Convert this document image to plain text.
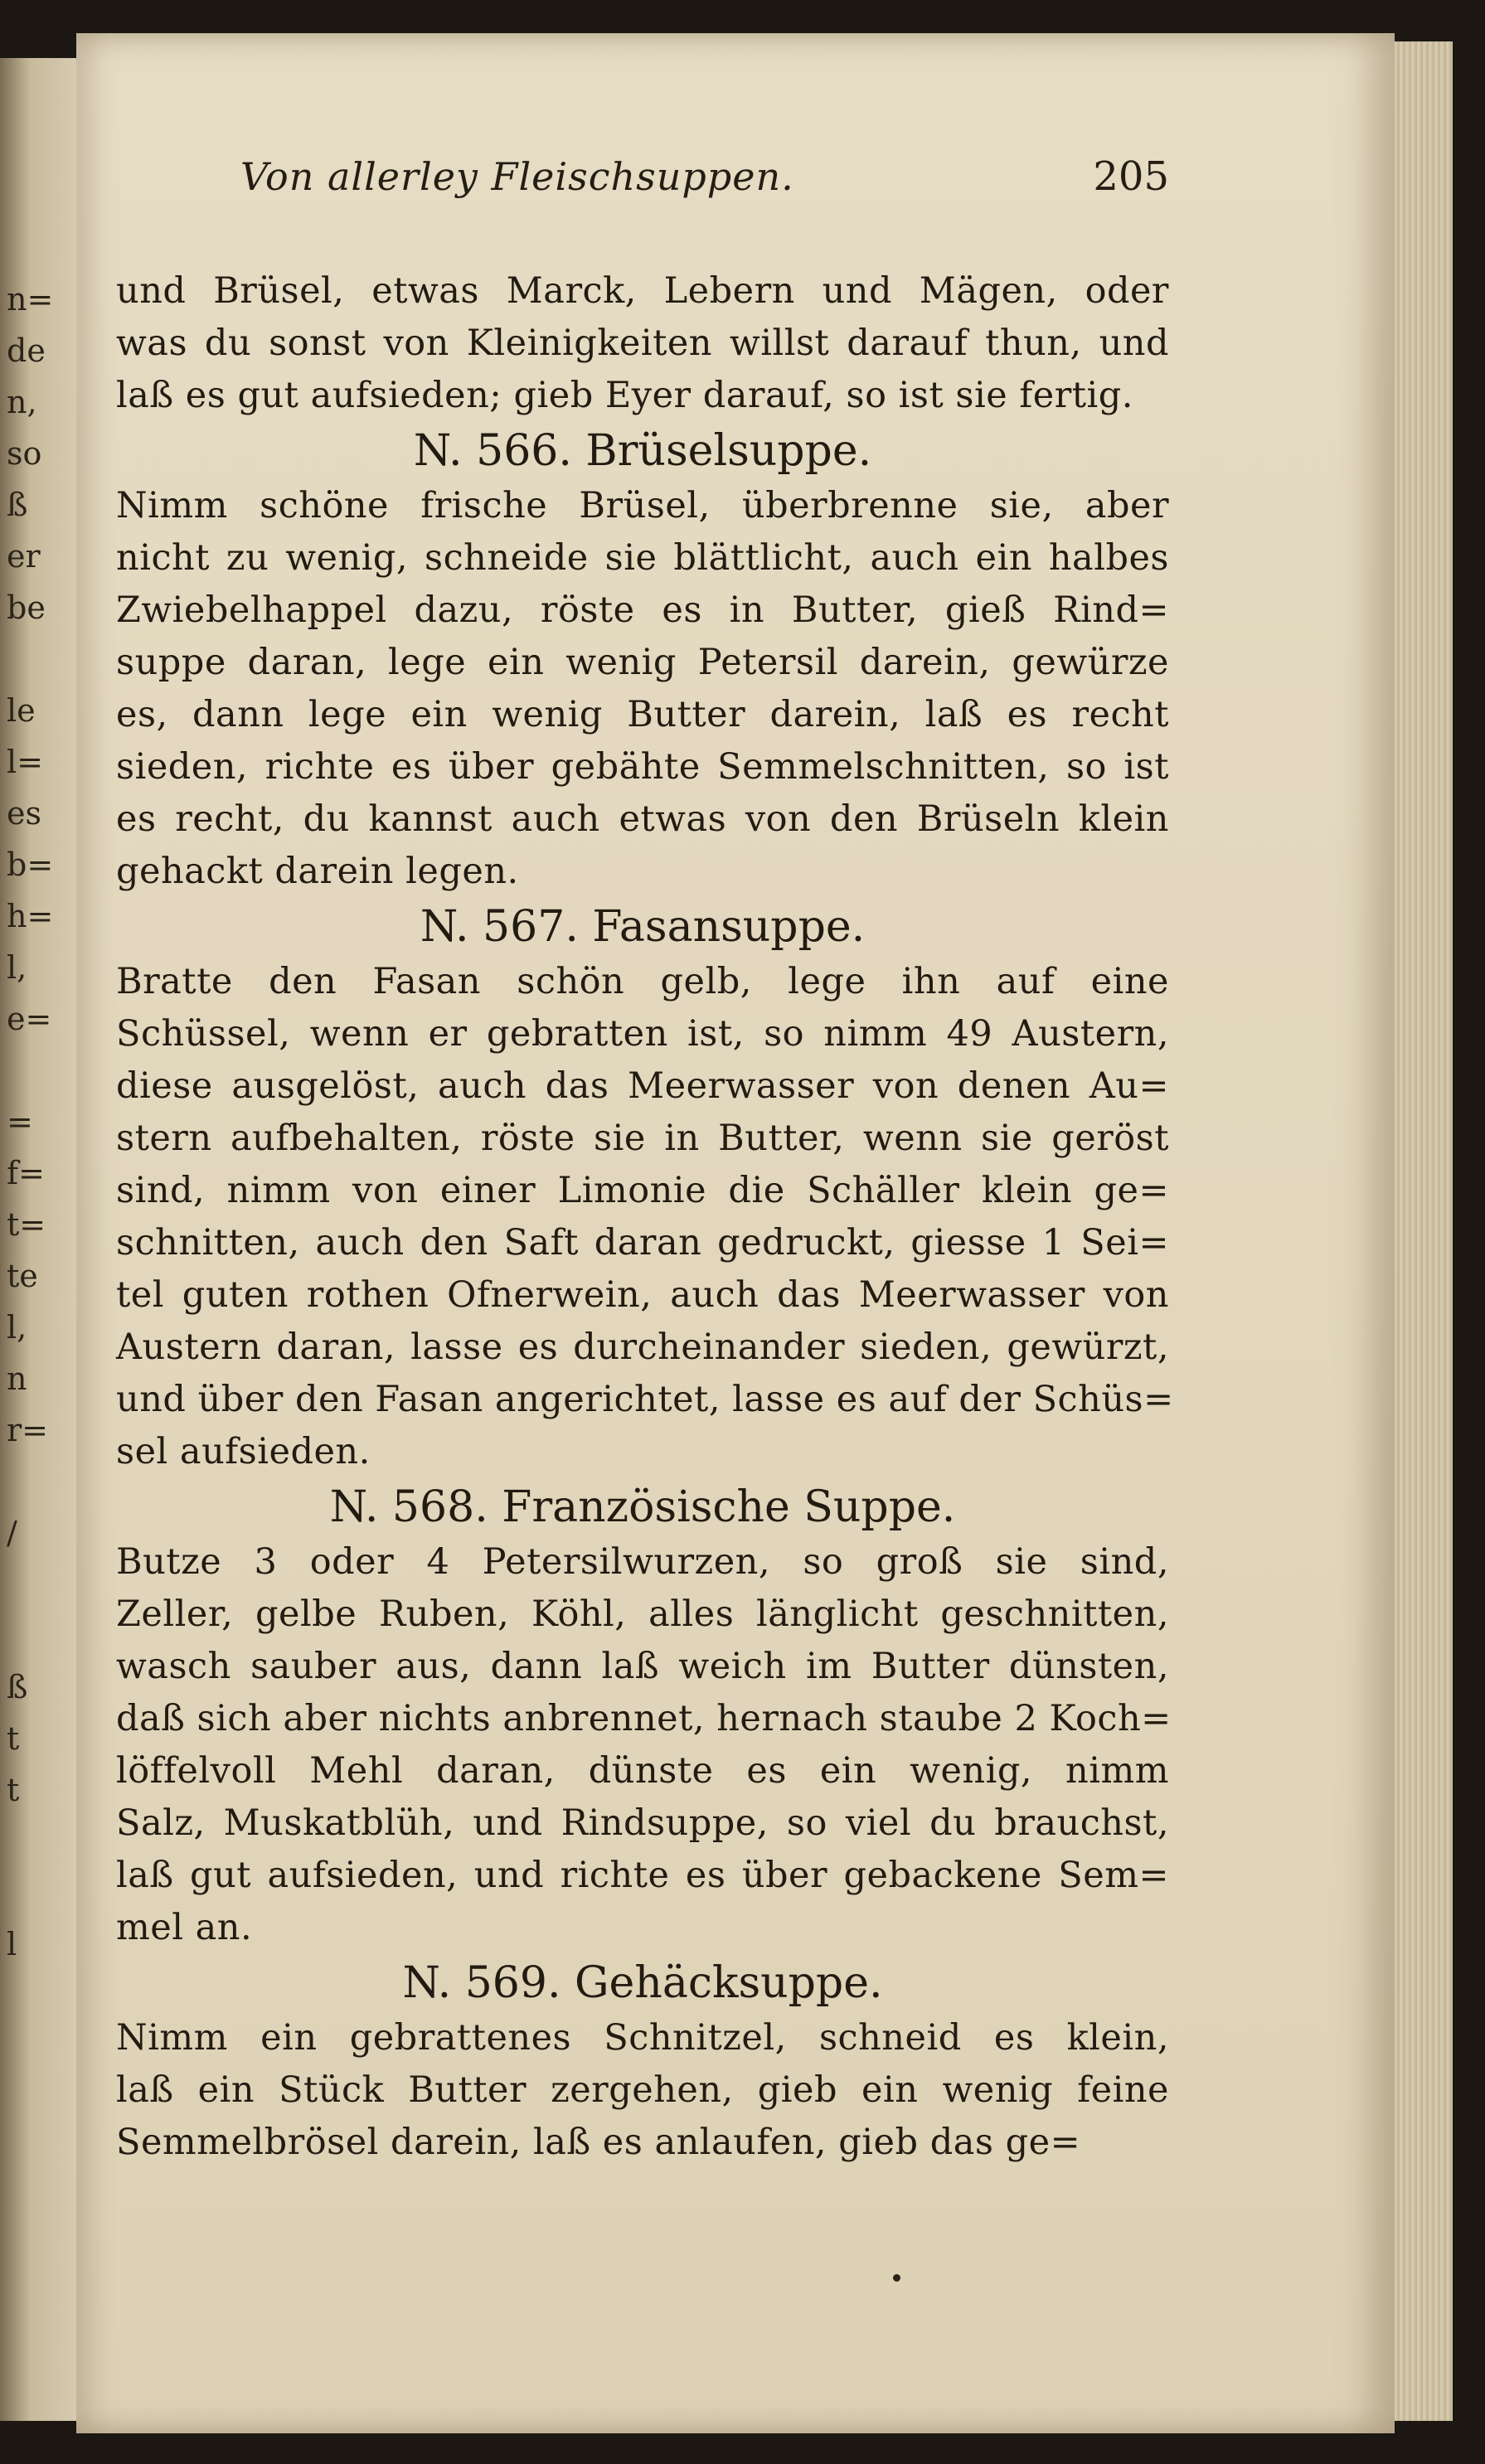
n=
de
n,
so
ß
er
be
le
l=
es
b=
h=
l,
e=
=
f=
t=
te
l,
n
r=
/
ß
t
t
l
Von allerley Fleischsuppen.	205
und Brüsel, etwas Marck, Lebern und Mägen, oder
was du sonst von Kleinigkeiten willst darauf thun, und
laß es gut aufsieden; gieb Eyer darauf, so ist sie fertig.
N. 566. Brüselsuppe.
Nimm schöne frische Brüsel, überbrenne sie, aber
nicht zu wenig, schneide sie blättlicht, auch ein halbes
Zwiebelhappel dazu, röste es in Butter, gieß Rind=
suppe daran, lege ein wenig Petersil darein, gewürze
es, dann lege ein wenig Butter darein, laß es recht
sieden, richte es über gebähte Semmelschnitten, so ist
es recht, du kannst auch etwas von den Brüseln klein
gehackt darein legen.
N. 567. Fasansuppe.
Bratte den Fasan schön gelb, lege ihn auf eine
Schüssel, wenn er gebratten ist, so nimm 49 Austern,
diese ausgelöst, auch das Meerwasser von denen Au=
stern aufbehalten, röste sie in Butter, wenn sie geröst
sind, nimm von einer Limonie die Schäller klein ge=
schnitten, auch den Saft daran gedruckt, giesse 1 Sei=
tel guten rothen Ofnerwein, auch das Meerwasser von
Austern daran, lasse es durcheinander sieden, gewürzt,
und über den Fasan angerichtet, lasse es auf der Schüs=
sel aufsieden.
N. 568. Französische Suppe.
Butze 3 oder 4 Petersilwurzen, so groß sie sind,
Zeller, gelbe Ruben, Köhl, alles länglicht geschnitten,
wasch sauber aus, dann laß weich im Butter dünsten,
daß sich aber nichts anbrennet, hernach staube 2 Koch=
löffelvoll Mehl daran, dünste es ein wenig, nimm
Salz, Muskatblüh, und Rindsuppe, so viel du brauchst,
laß gut aufsieden, und richte es über gebackene Sem=
mel an.
N. 569. Gehäcksuppe.
Nimm ein gebrattenes Schnitzel, schneid es klein,
laß ein Stück Butter zergehen, gieb ein wenig feine
Semmelbrösel darein, laß es anlaufen, gieb das ge=
